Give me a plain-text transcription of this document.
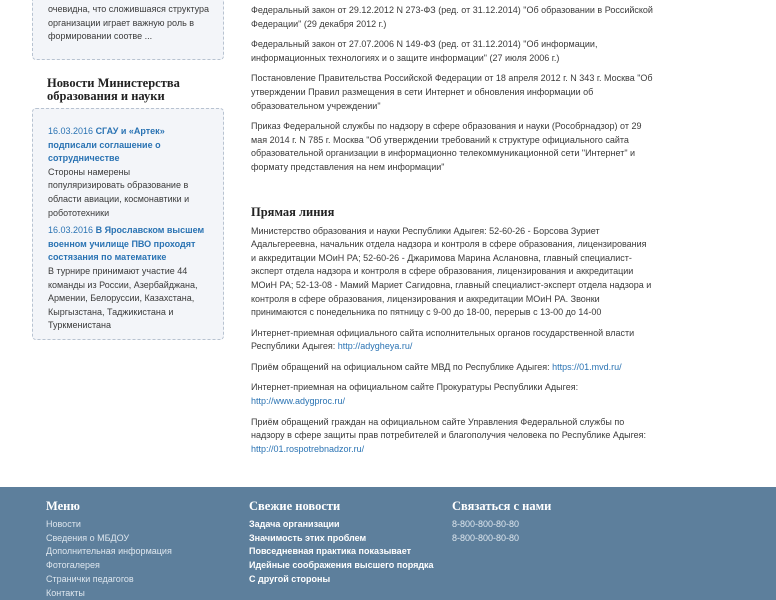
очевидна, что сложившаяся структура организации играет важную роль в формировании соотве ...
Новости Министерства образования и науки
16.03.2016 СГАУ и «Артек» подписали соглашение о сотрудничестве
Стороны намерены популяризировать образование в области авиации, космонавтики и робототехники
16.03.2016 В Ярославском высшем военном училище ПВО проходят состязания по математике
В турнире принимают участие 44 команды из России, Азербайджана, Армении, Белоруссии, Казахстана, Кыргызстана, Таджикистана и Туркменистана

Федеральный закон от 29.12.2012 N 273-ФЗ (ред. от 31.12.2014) "Об образовании в Российской Федерации" (29 декабря 2012 г.)

Федеральный закон от 27.07.2006 N 149-ФЗ (ред. от 31.12.2014) "Об информации, информационных технологиях и о защите информации" (27 июля 2006 г.)

Постановление Правительства Российской Федерации от 18 апреля 2012 г. N 343 г. Москва "Об утверждении Правил размещения в сети Интернет и обновления информации об образовательном учреждении"

Приказ Федеральной службы по надзору в сфере образования и науки (Рособрнадзор) от 29 мая 2014 г. N 785 г. Москва "Об утверждении требований к структуре официального сайта образовательной организации в информационно телекоммуникационной сети "Интернет" и формату представления на нем информации"

Прямая линия

Министерство образования и науки Республики Адыгея: 52-60-26 - Борсова Зуриет Адальгереевна, начальник отдела надзора и контроля в сфере образования, лицензирования и аккредитации МОиН РА; 52-60-26 - Джаримова Марина Аслановна, главный специалист-эксперт отдела надзора и контроля в сфере образования, лицензирования и аккредитации МОиН РА; 52-13-08 - Мамий Мариет Сагидовна, главный специалист-эксперт отдела надзора и контроля в сфере образования, лицензирования и аккредитации МОиН РА. Звонки принимаются с понедельника по пятницу с 9-00 до 18-00, перерыв с 13-00 до 14-00

Интернет-приемная официального сайта исполнительных органов государственной власти Республики Адыгея: http://adygheya.ru/

Приём обращений на официальном сайте МВД по Республике Адыгея: https://01.mvd.ru/

Интернет-приемная на официальном сайте Прокуратуры Республики Адыгея: http://www.adygproc.ru/

Приём обращений граждан на официальном сайте Управления Федеральной службы по надзору в сфере защиты прав потребителей и благополучия человека по Республике Адыгея: http://01.rospotrebnadzor.ru/

Меню
Новости
Сведения о МБДОУ
Дополнительная информация
Фотогалерея
Странички педагогов
Контакты
Свежие новости
Задача организации
Значимость этих проблем
Повседневная практика показывает
Идейные соображения высшего порядка
С другой стороны
Связаться с нами
8-800-800-80-80
8-800-800-80-80
